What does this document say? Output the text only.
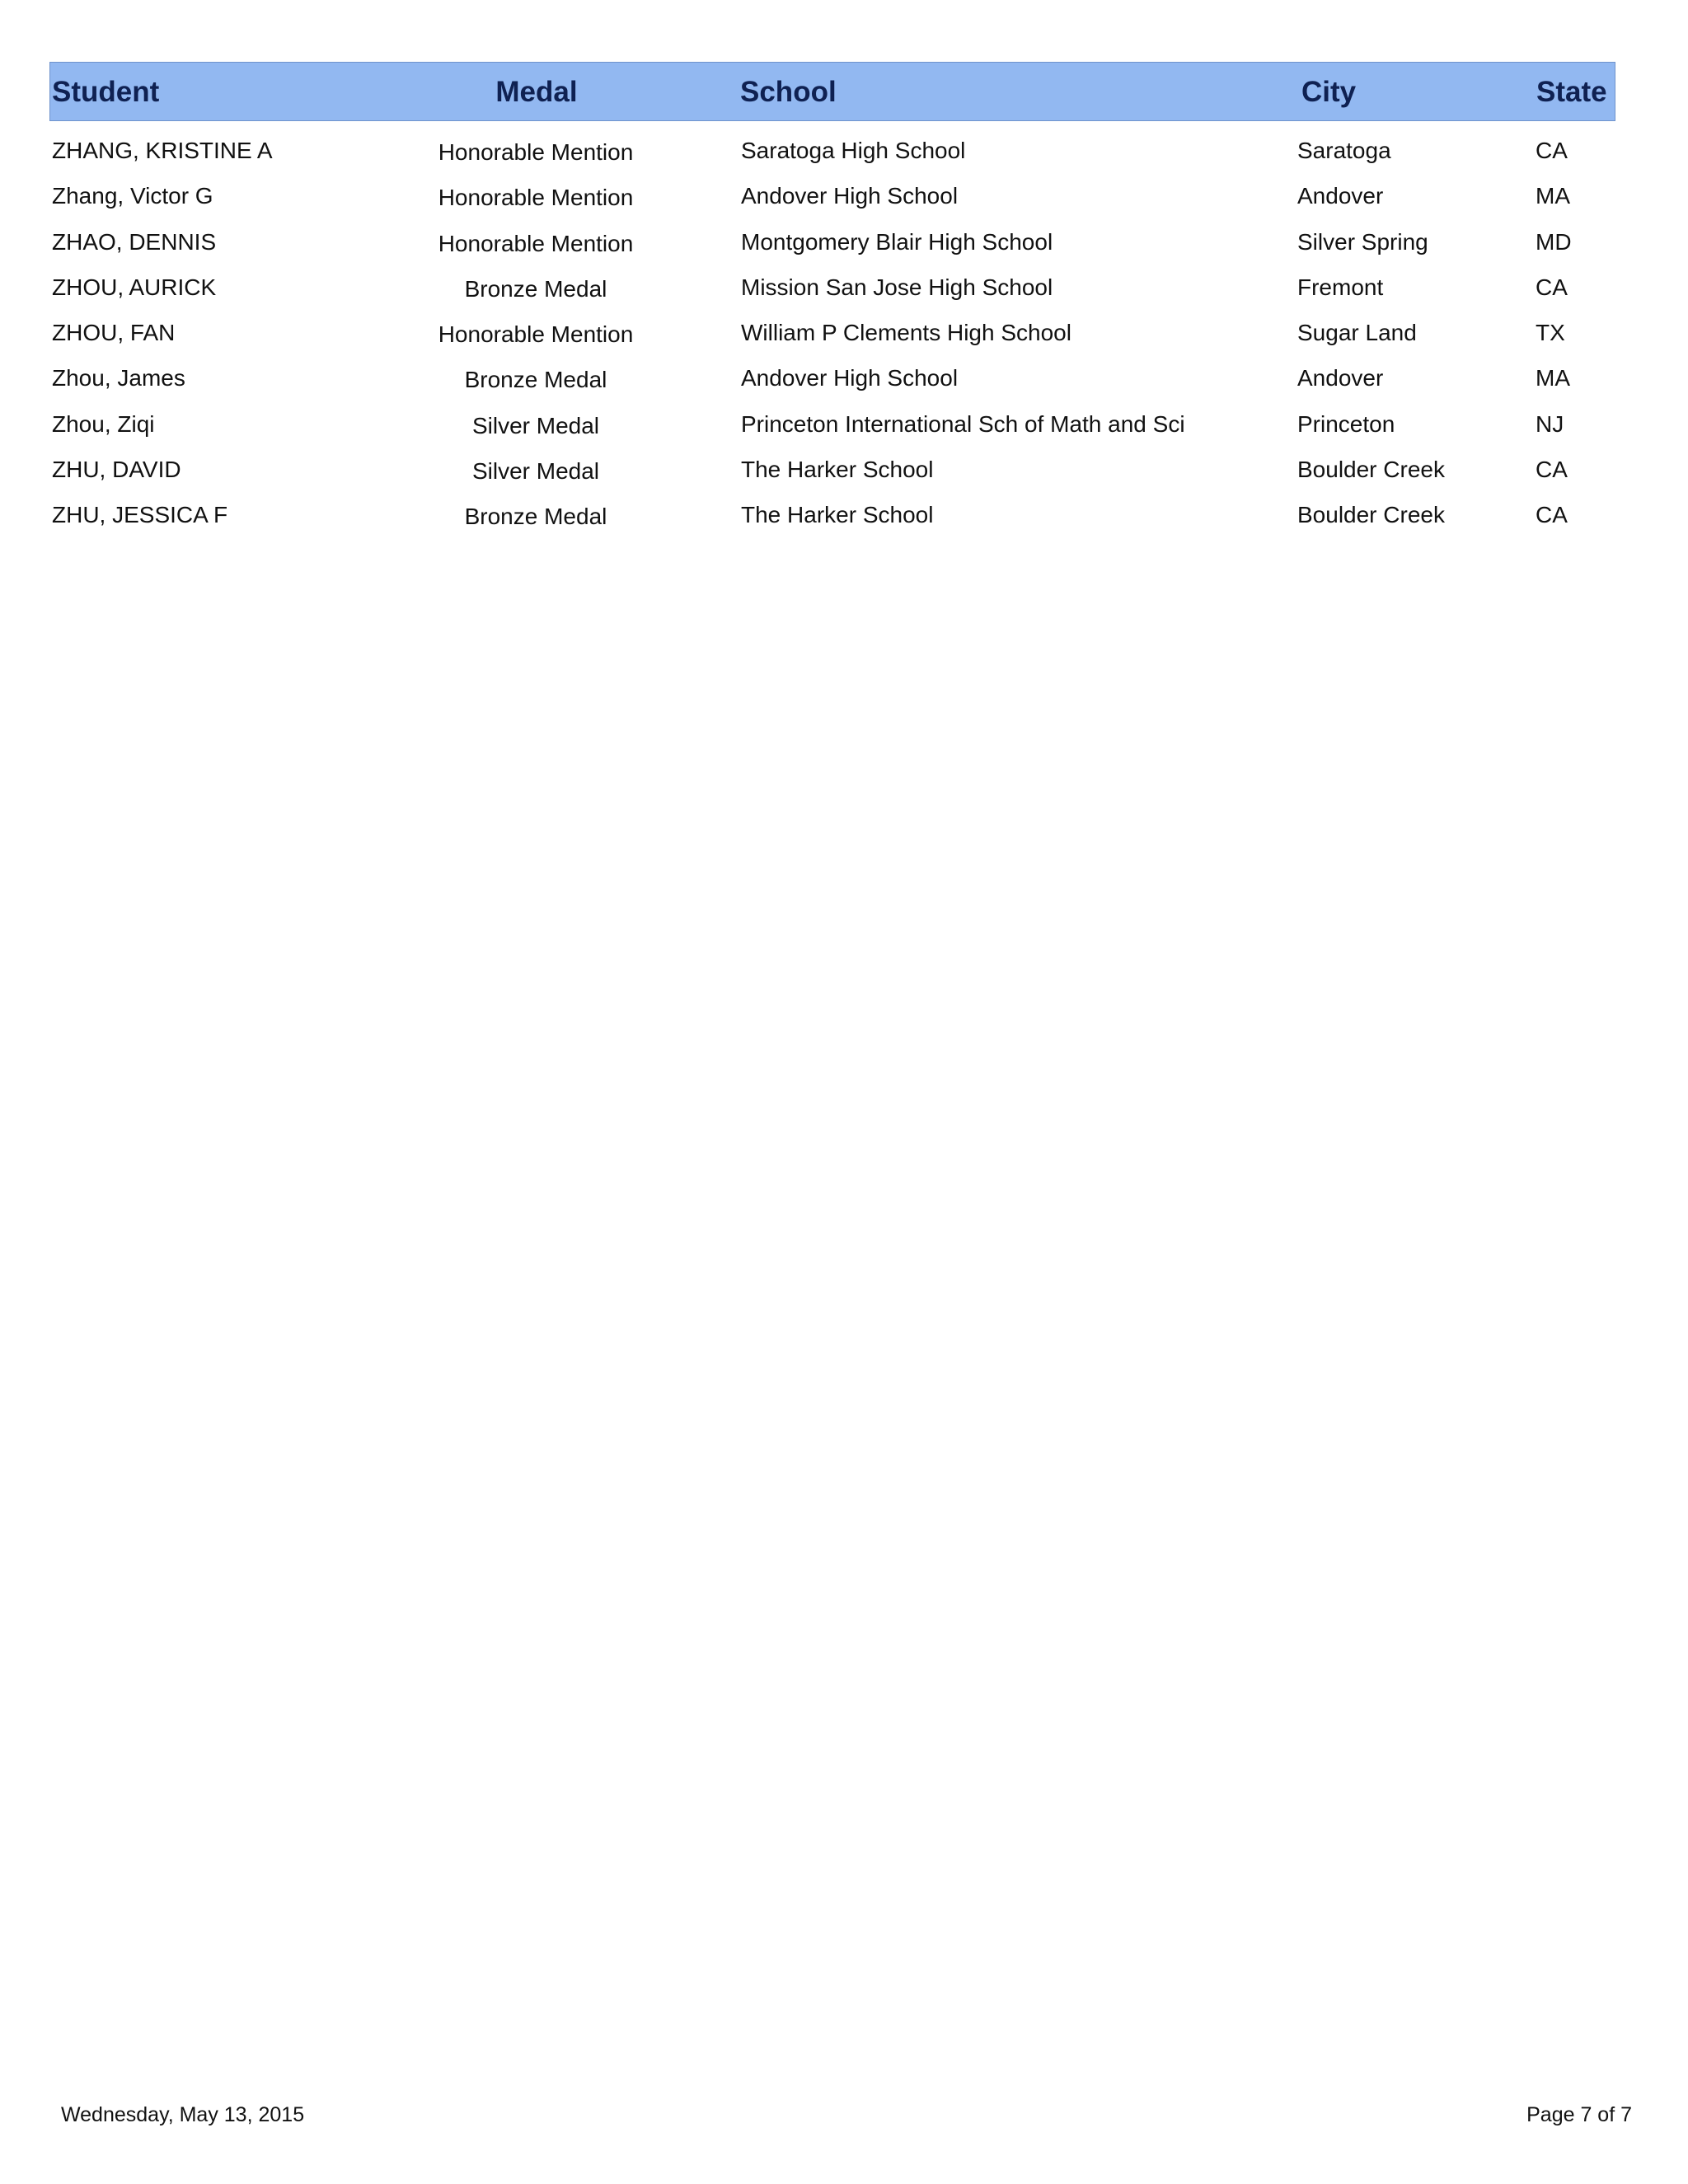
Student	Medal	School	City	State
ZHANG, KRISTINE A	Honorable Mention	Saratoga High School	Saratoga	CA
Zhang, Victor G	Honorable Mention	Andover High School	Andover	MA
ZHAO, DENNIS	Honorable Mention	Montgomery Blair High School	Silver Spring	MD
ZHOU, AURICK	Bronze Medal	Mission San Jose High School	Fremont	CA
ZHOU, FAN	Honorable Mention	William P Clements High School	Sugar Land	TX
Zhou, James	Bronze Medal	Andover High School	Andover	MA
Zhou, Ziqi	Silver Medal	Princeton International Sch of Math and Sci	Princeton	NJ
ZHU, DAVID	Silver Medal	The Harker School	Boulder Creek	CA
ZHU, JESSICA F	Bronze Medal	The Harker School	Boulder Creek	CA
Wednesday, May 13, 2015	Page 7 of 7
